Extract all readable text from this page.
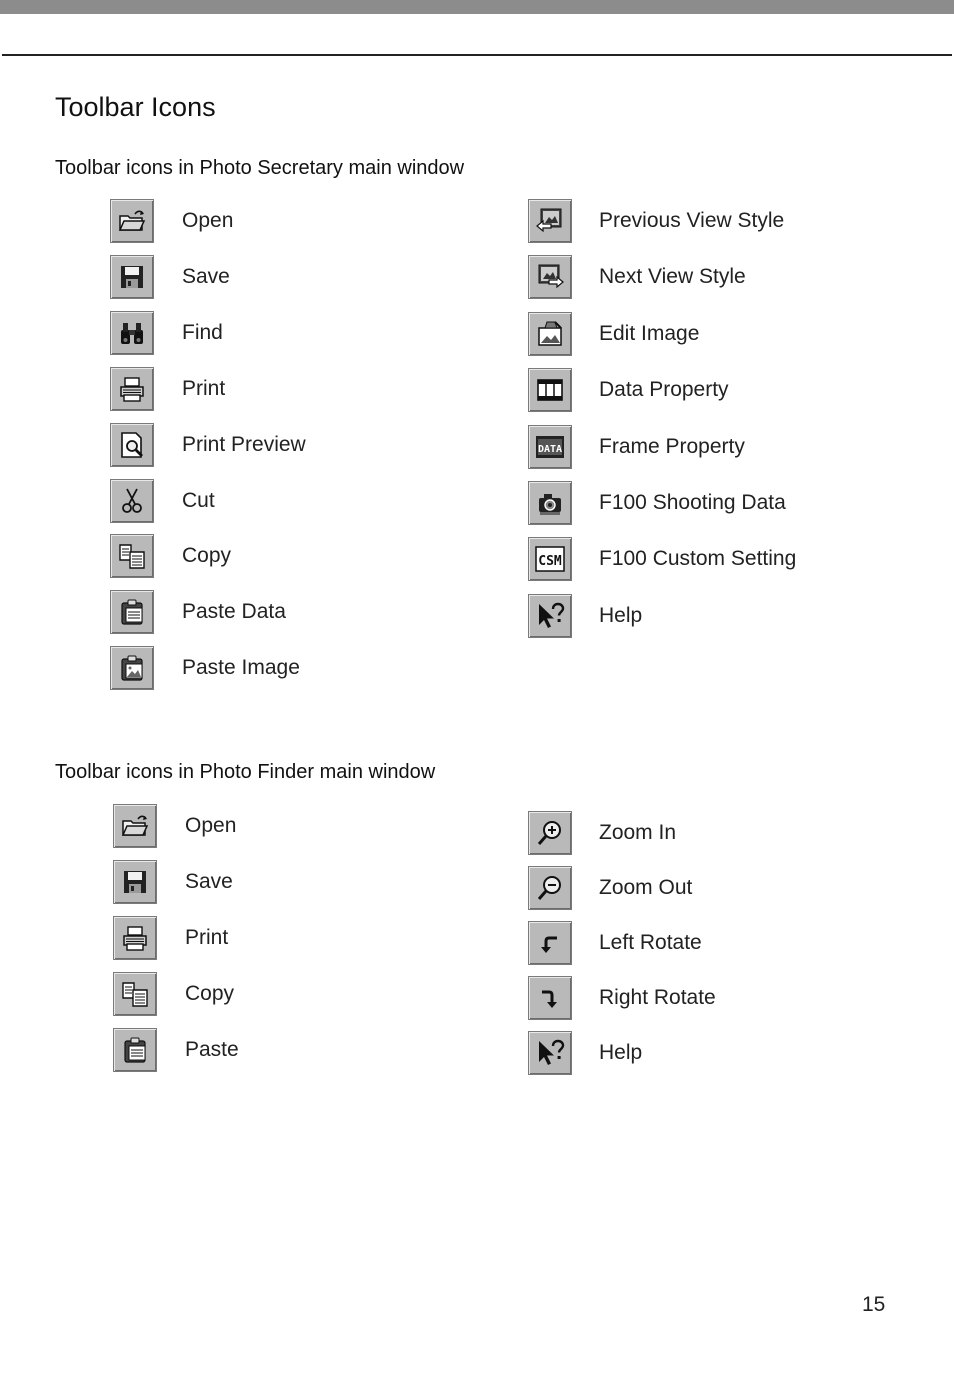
Toolbar Icons
Toolbar icons in Photo Secretary main window
Open
Save
Find
Print
Print Preview
Cut
Copy
Paste Data
Paste Image
Previous View Style
Next View Style
Edit Image
Data Property
DATA Frame Property
F100 Shooting Data
CSM F100 Custom Setting
Help
Toolbar icons in Photo Finder main window
Open
Save
Print
Copy
Paste
Zoom In
Zoom Out
Left Rotate
Right Rotate
Help
15
